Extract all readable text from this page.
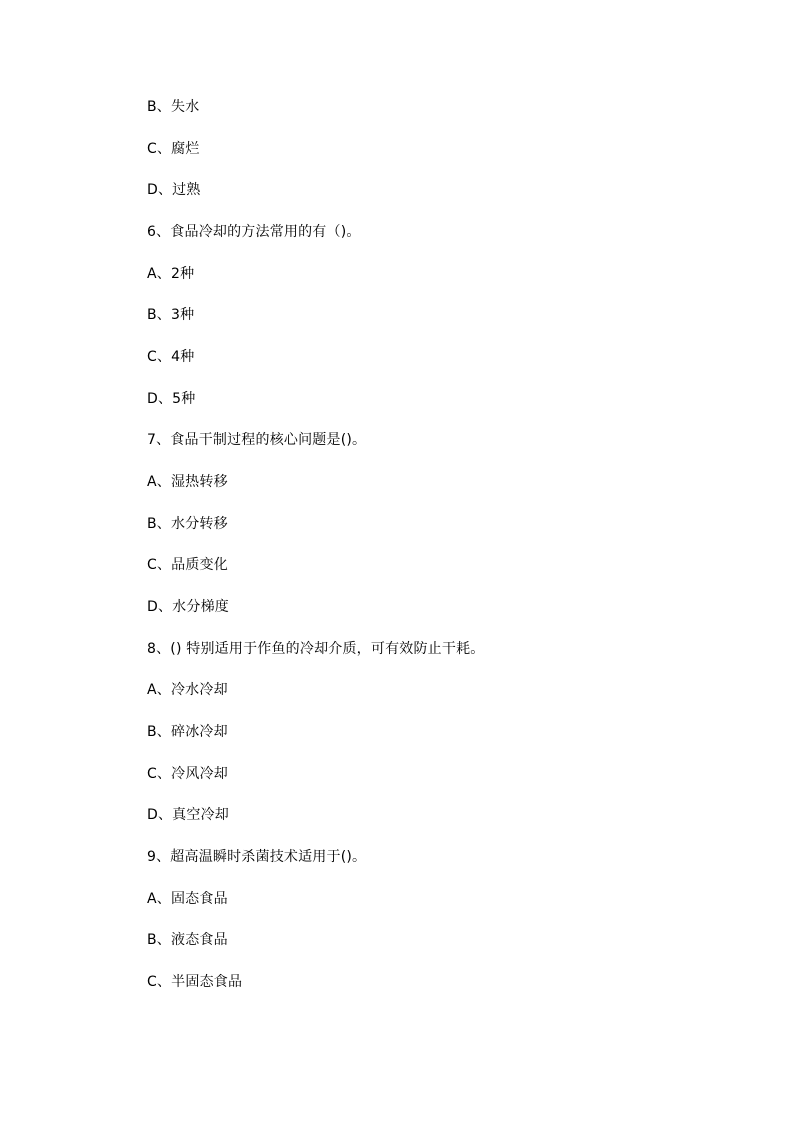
B、失水
C、腐烂
D、过熟
6、食品冷却的方法常用的有（)。
A、2种
B、3种
C、4种
D、5种
7、食品干制过程的核心问题是()。
A、湿热转移
B、水分转移
C、品质变化
D、水分梯度
8、() 特别适用于作鱼的冷却介质，可有效防止干耗。
A、冷水冷却
B、碎冰冷却
C、冷风冷却
D、真空冷却
9、超高温瞬时杀菌技术适用于()。
A、固态食品
B、液态食品
C、半固态食品
